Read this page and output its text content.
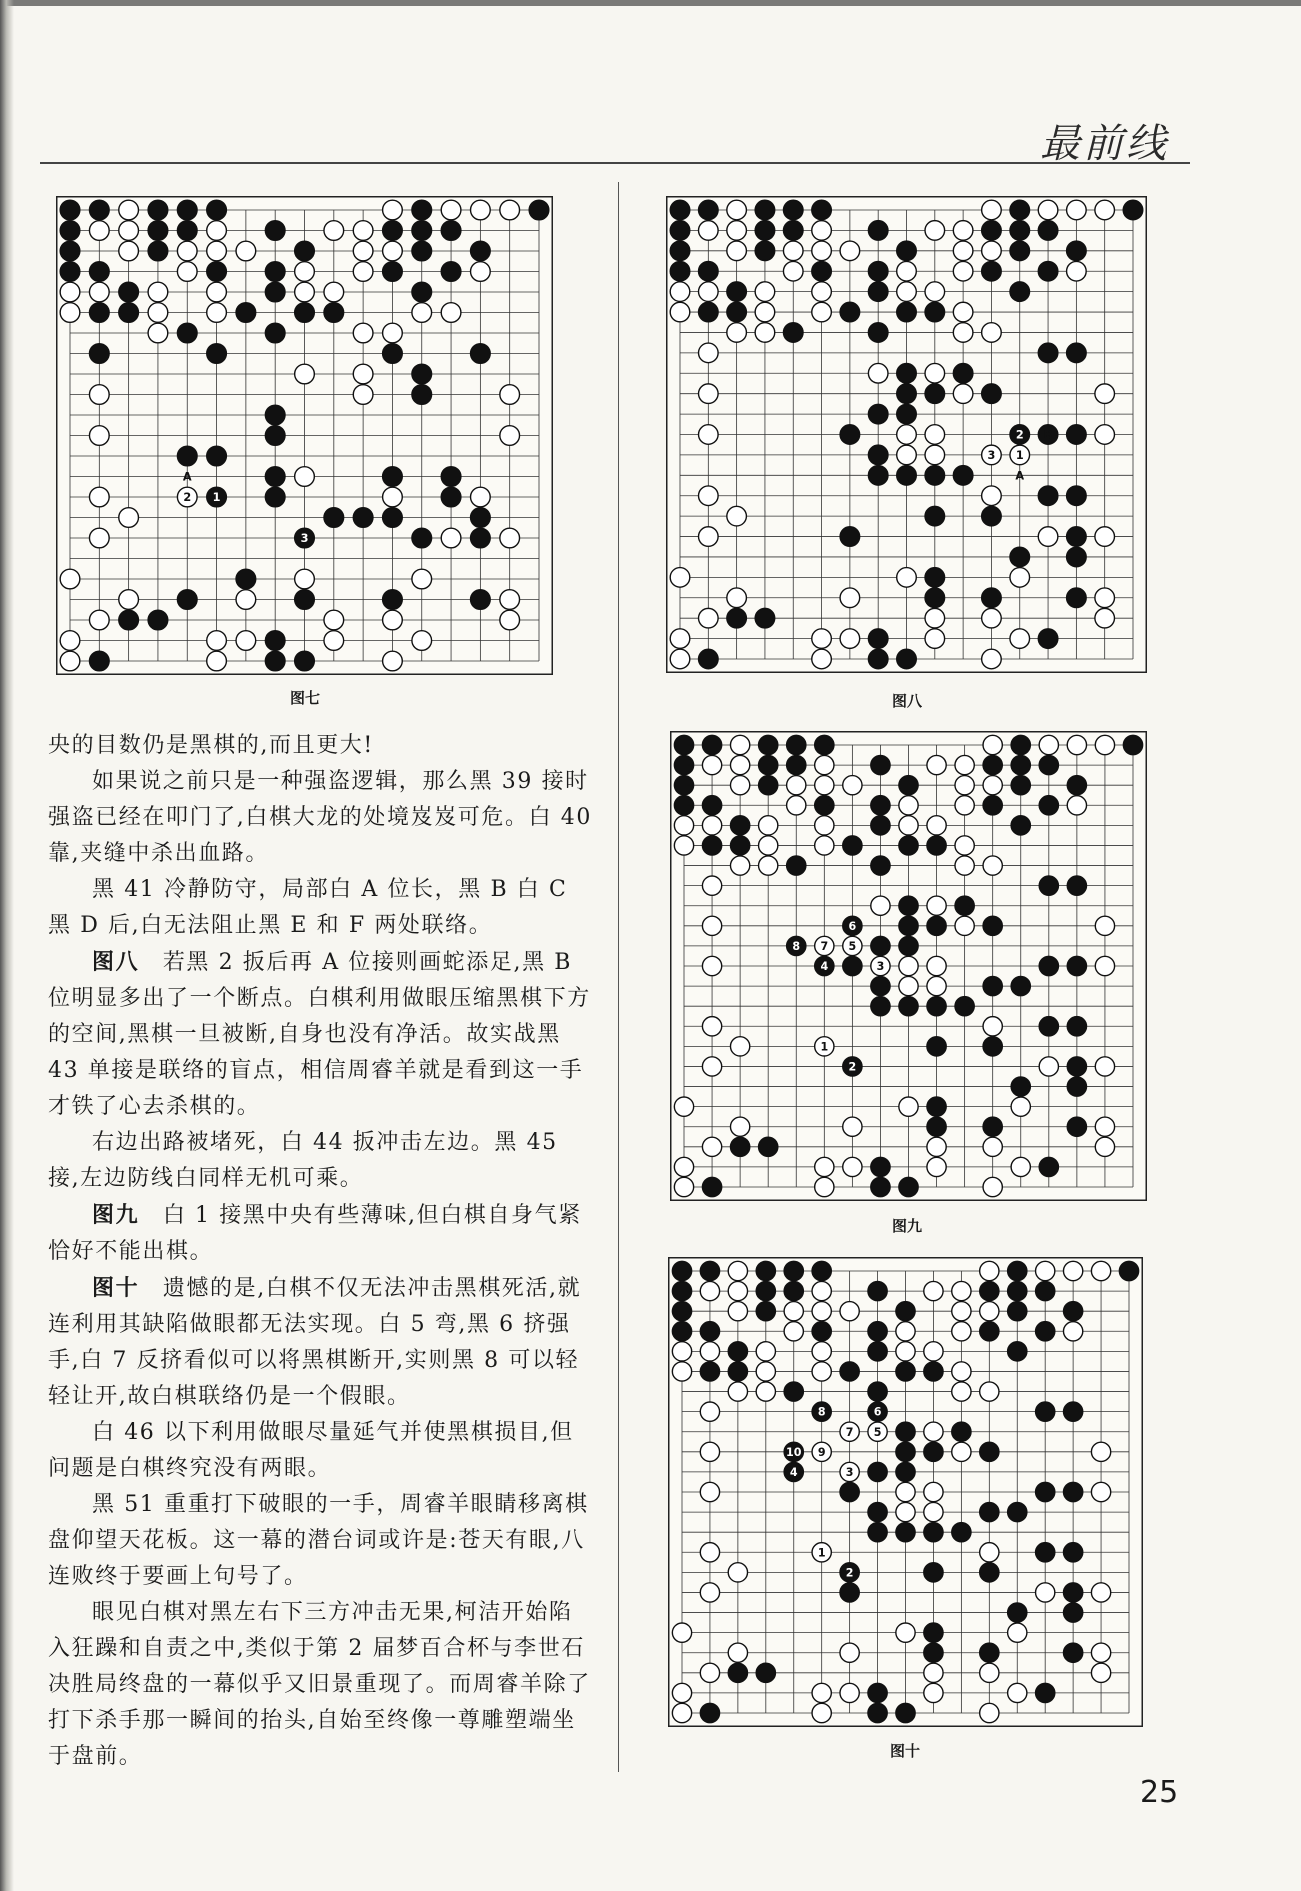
最前线
2 1
3
A
图七
2
3 1
B
A
图八
6
8 7 5
4	3
1
2
图九
8	6
7 5
10 9
4	3
1
2
图十

央的目数仍是黑棋的,而且更大!

如果说之前只是一种强盗逻辑，那么黑 39 接时强盗已经在叩门了,白棋大龙的处境岌岌可危。白 40 靠,夹缝中杀出血路。

黑 41 冷静防守，局部白 A 位长，黑 B 白 C 黑 D 后,白无法阻止黑 E 和 F 两处联络。

图八　若黑 2 扳后再 A 位接则画蛇添足,黑 B 位明显多出了一个断点。白棋利用做眼压缩黑棋下方的空间,黑棋一旦被断,自身也没有净活。故实战黑 43 单接是联络的盲点，相信周睿羊就是看到这一手才铁了心去杀棋的。

右边出路被堵死，白 44 扳冲击左边。黑 45 接,左边防线白同样无机可乘。

图九　白 1 接黑中央有些薄味,但白棋自身气紧恰好不能出棋。

图十　遗憾的是,白棋不仅无法冲击黑棋死活,就连利用其缺陷做眼都无法实现。白 5 弯,黑 6 挤强手,白 7 反挤看似可以将黑棋断开,实则黑 8 可以轻轻让开,故白棋联络仍是一个假眼。

白 46 以下利用做眼尽量延气并使黑棋损目,但问题是白棋终究没有两眼。

黑 51 重重打下破眼的一手，周睿羊眼睛移离棋盘仰望天花板。这一幕的潜台词或许是:苍天有眼,八连败终于要画上句号了。

眼见白棋对黑左右下三方冲击无果,柯洁开始陷入狂躁和自责之中,类似于第 2 届梦百合杯与李世石决胜局终盘的一幕似乎又旧景重现了。而周睿羊除了打下杀手那一瞬间的抬头,自始至终像一尊雕塑端坐于盘前。

25
